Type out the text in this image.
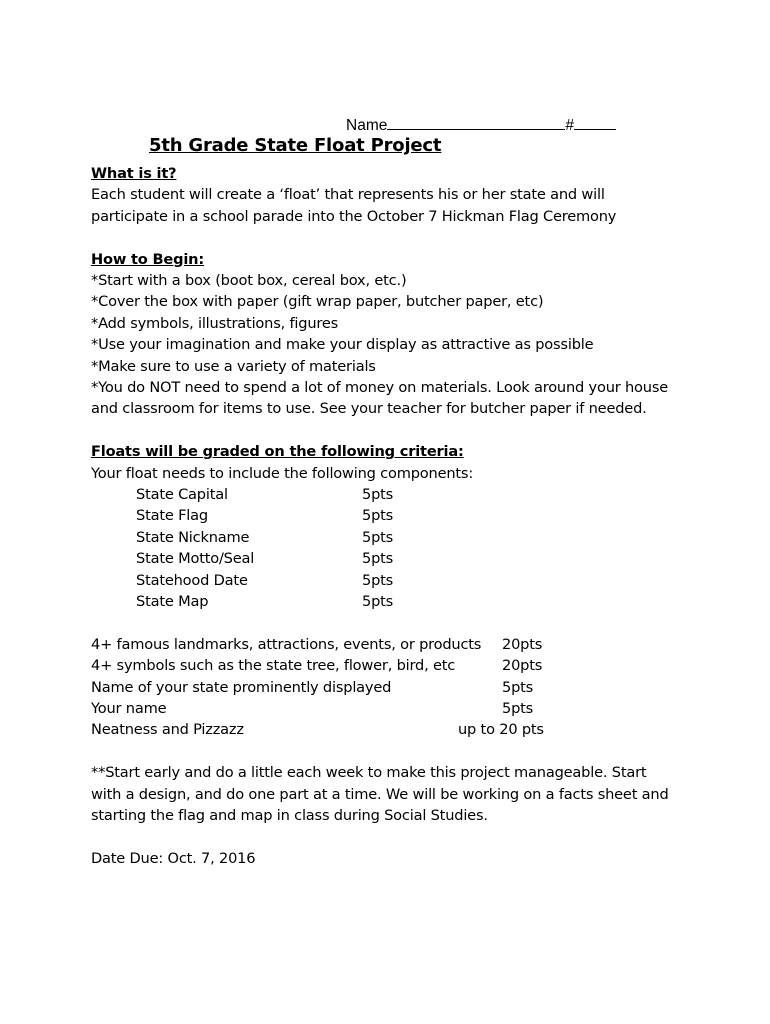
Name	#
5th Grade State Float Project

What is it?

Each student will create a ‘float’ that represents his or her state and will

participate in a school parade into the October 7 Hickman Flag Ceremony

How to Begin:

*Start with a box (boot box, cereal box, etc.)

*Cover the box with paper (gift wrap paper, butcher paper, etc)

*Add symbols, illustrations, figures

*Use your imagination and make your display as attractive as possible

*Make sure to use a variety of materials

*You do NOT need to spend a lot of money on materials. Look around your house

and classroom for items to use. See your teacher for butcher paper if needed.

Floats will be graded on the following criteria:

Your float needs to include the following components:

State Capital	5pts
State Flag	5pts
State Nickname	5pts
State Motto/Seal	5pts
Statehood Date	5pts
State Map	5pts
4+ famous landmarks, attractions, events, or products 20pts
4+ symbols such as the state tree, flower, bird, etc	20pts
Name of your state prominently displayed	5pts
Your name	5pts
Neatness and Pizzazz	up to 20 pts

**Start early and do a little each week to make this project manageable. Start

with a design, and do one part at a time. We will be working on a facts sheet and

starting the flag and map in class during Social Studies.

Date Due: Oct. 7, 2016
